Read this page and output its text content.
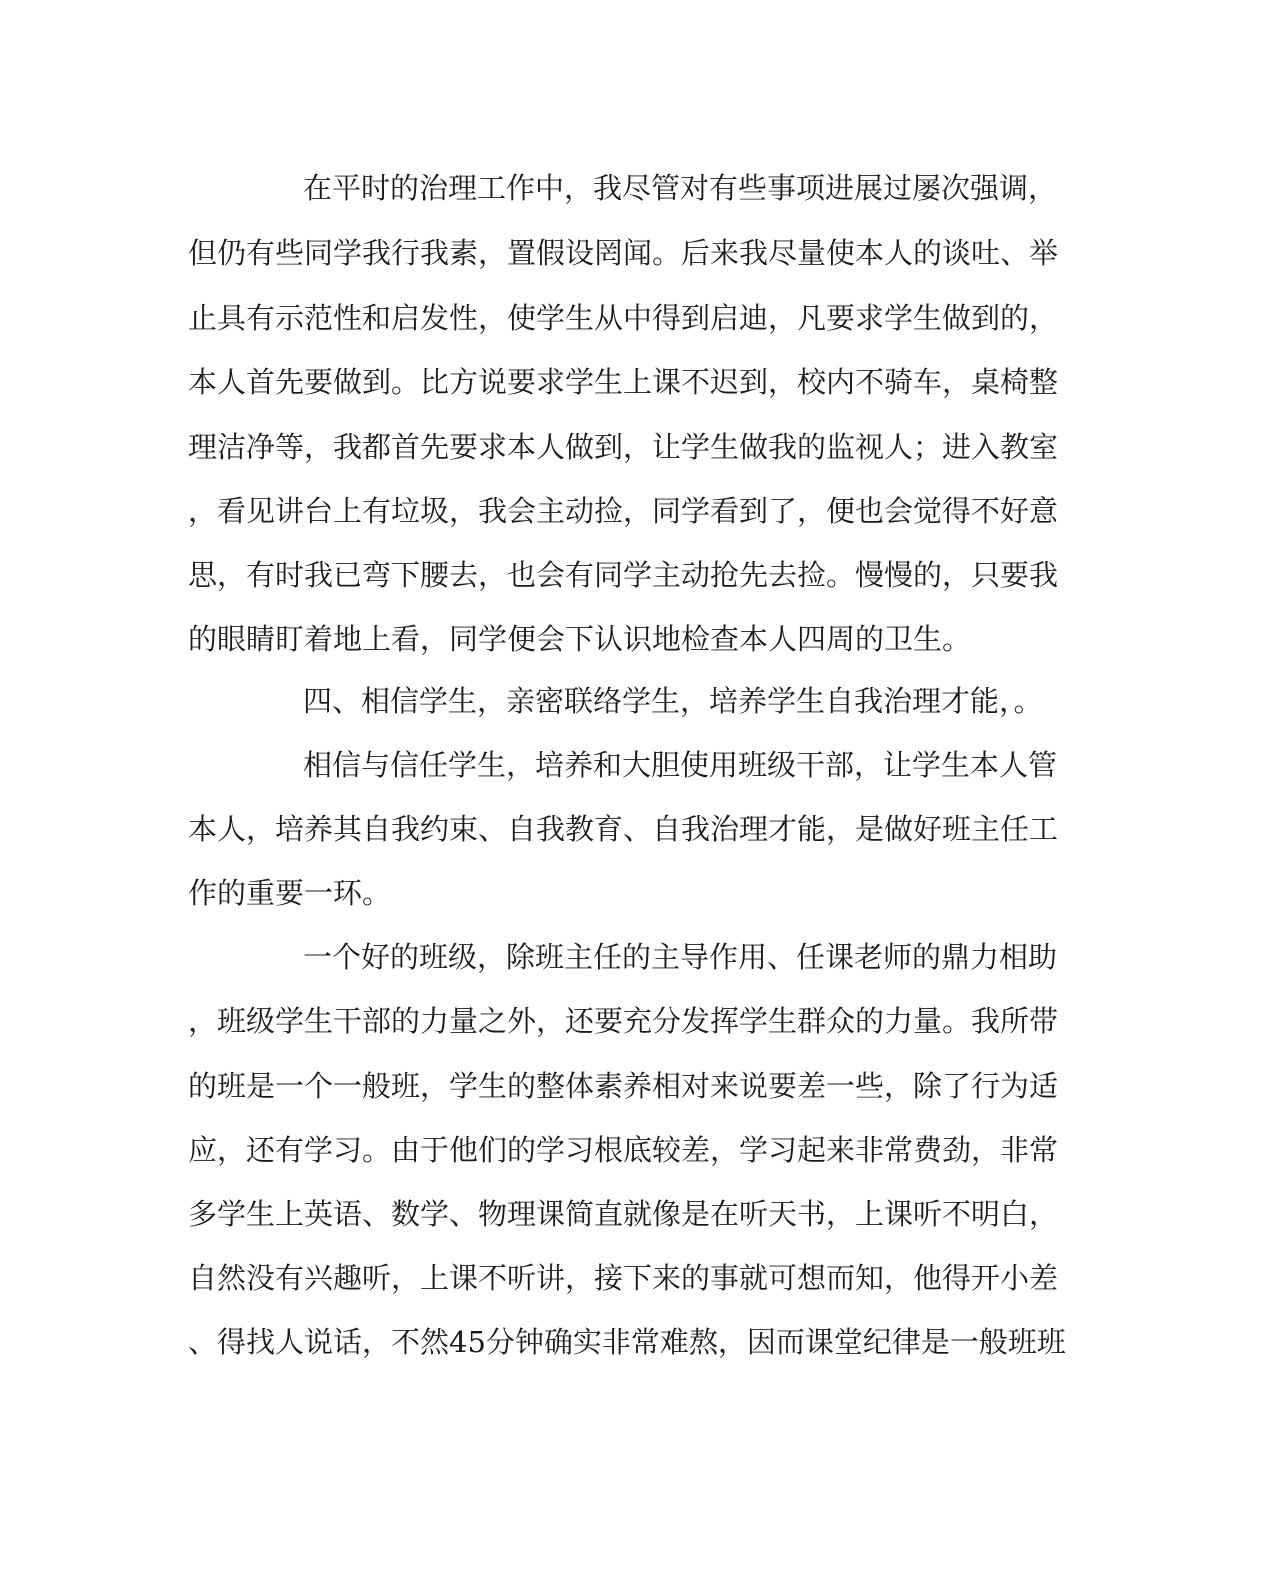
在平时的治理工作中，我尽管对有些事项进展过屡次强调，
但仍有些同学我行我素，置假设罔闻。后来我尽量使本人的谈吐、举
止具有示范性和启发性，使学生从中得到启迪，凡要求学生做到的，
本人首先要做到。比方说要求学生上课不迟到，校内不骑车，桌椅整
理洁净等，我都首先要求本人做到，让学生做我的监视人；进入教室
，看见讲台上有垃圾，我会主动捡，同学看到了，便也会觉得不好意
思，有时我已弯下腰去，也会有同学主动抢先去捡。慢慢的，只要我
的眼睛盯着地上看，同学便会下认识地检查本人四周的卫生。
四、相信学生，亲密联络学生，培养学生自我治理才能，。
相信与信任学生，培养和大胆使用班级干部，让学生本人管
本人，培养其自我约束、自我教育、自我治理才能，是做好班主任工
作的重要一环。
一个好的班级，除班主任的主导作用、任课老师的鼎力相助
，班级学生干部的力量之外，还要充分发挥学生群众的力量。我所带
的班是一个一般班，学生的整体素养相对来说要差一些，除了行为适
应，还有学习。由于他们的学习根底较差，学习起来非常费劲，非常
多学生上英语、数学、物理课简直就像是在听天书，上课听不明白，
自然没有兴趣听，上课不听讲，接下来的事就可想而知，他得开小差
、得找人说话，不然45分钟确实非常难熬，因而课堂纪律是一般班班
